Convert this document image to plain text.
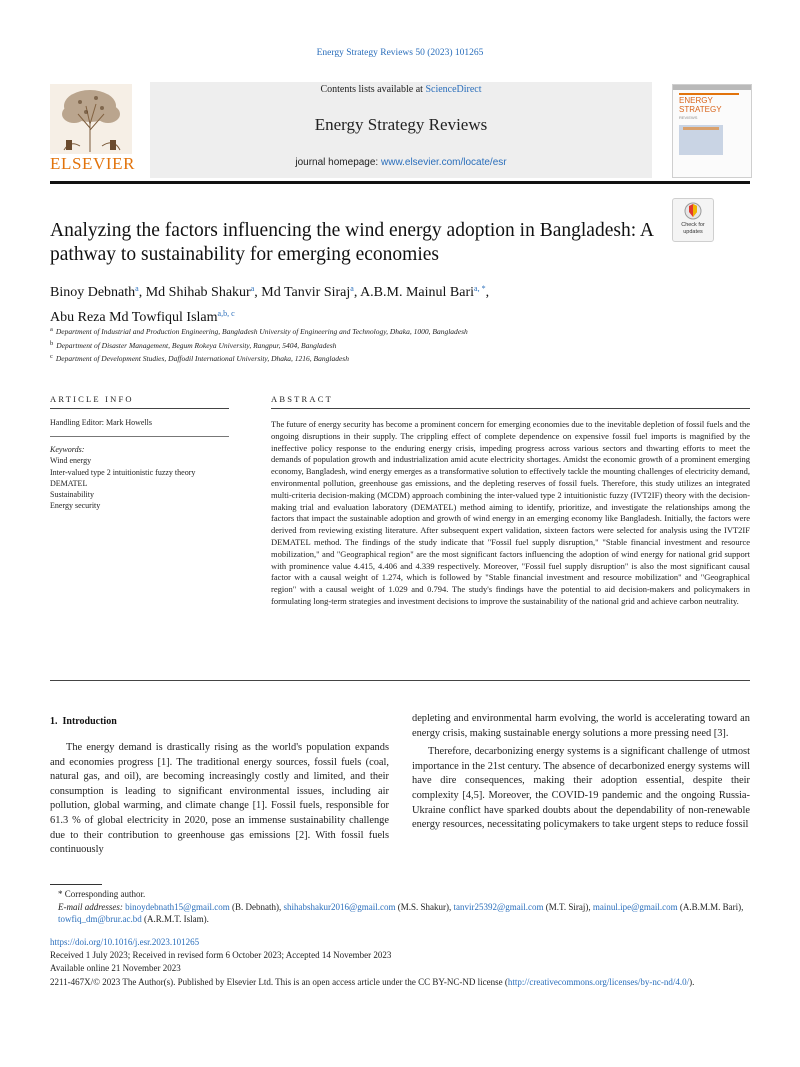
Energy Strategy Reviews 50 (2023) 101265
ELSEVIER
Contents lists available at ScienceDirect
Energy Strategy Reviews
journal homepage: www.elsevier.com/locate/esr
ENERGY
STRATEGY
REVIEWS
Analyzing the factors influencing the wind energy adoption in Bangladesh: A pathway to sustainability for emerging economies
Check for
updates
Binoy Debnath$^a$, Md Shihab Shakur$^a$, Md Tanvir Siraj$^a$, A.B.M. Mainul Bari$^{a, *}$,
Abu Reza Md Towfiqul Islam$^{a,b, c}$
a Department of Industrial and Production Engineering, Bangladesh University of Engineering and Technology, Dhaka, 1000, Bangladesh
b Department of Disaster Management, Begum Rokeya University, Rangpur, 5404, Bangladesh
c Department of Development Studies, Daffodil International University, Dhaka, 1216, Bangladesh
ARTICLE INFO	ABSTRACT
Handling Editor: Mark Howells
Keywords:
Wind energy
Inter-valued type 2 intuitionistic fuzzy theory
DEMATEL
Sustainability
Energy security
The future of energy security has become a prominent concern for emerging economies due to the inevitable depletion of fossil fuels and the ongoing disruptions in their supply. The crippling effect of complete dependence on expensive fossil fuel imports is magnified by the ineffective policy response to the enduring energy crisis, impeding progress across various sectors and thwarting efforts to meet the demands of population growth and industrialization amid acute electricity shortages. Amidst the economic growth of a prominent emerging economy, Bangladesh, wind energy emerges as a transformative solution to effectively tackle the mounting challenges of electricity demand, environmental pollution, greenhouse gas emissions, and the depleting reserves of fossil fuels. Therefore, this study utilizes an integrated multi-criteria decision-making (MCDM) approach combining the inter-valued type 2 intuitionistic fuzzy (IVT2IF) theory with the decision-making trial and evaluation laboratory (DEMATEL) method aiming to identify, prioritize, and investigate the relationships among the factors that impact the sustainable adoption and growth of wind energy in an emerging economy like Bangladesh. Initially, the factors were derived from reviewing existing literature. After subsequent expert validation, sixteen factors were selected for analysis using the IVT2IF DEMATEL method. The findings of the study indicate that "Fossil fuel supply disruption," "Stable financial investment and resource mobilization," and "Geographical region" are the most significant factors influencing the adoption of wind energy for national grid support with prominence value 4.415, 4.406 and 4.339 respectively. Moreover, "Fossil fuel supply disruption" is also the most significant causal factor with a causal weight of 1.274, which is followed by "Stable financial investment and resource mobilization" and "Geographical region" with a causal weight of 1.029 and 0.794. The study's findings have the potential to aid decision-makers and policymakers in formulating long-term strategies and investment decisions to improve the sustainability of the national grid and achieve carbon neutrality.
1. Introduction

The energy demand is drastically rising as the world's population expands and economies progress [1]. The traditional energy sources, fossil fuels (coal, natural gas, and oil), are becoming increasingly costly and limited, and their consumption is leading to significant environmental issues, including air pollution, global warming, and climate change [1]. Fossil fuels, responsible for 61.3 % of global electricity in 2020, pose an immense sustainability challenge due to their contribution to greenhouse gas emissions [2]. With fossil fuels continuously

depleting and environmental harm evolving, the world is accelerating toward an energy crisis, making sustainable energy solutions a more pressing need [3].

Therefore, decarbonizing energy systems is a significant challenge of utmost importance in the 21st century. The absence of decarbonized energy systems will have dire consequences, making their adoption essential, despite their complexity [4,5]. Moreover, the COVID-19 pandemic and the ongoing Russia-Ukraine conflict have sparked doubts about the dependability of non-renewable energy resources, necessitating policymakers to take urgent steps to reduce fossil

* Corresponding author.
E-mail addresses: binoydebnath15@gmail.com (B. Debnath), shihabshakur2016@gmail.com (M.S. Shakur), tanvir25392@gmail.com (M.T. Siraj), mainul.ipe@gmail.com (A.B.M.M. Bari), towfiq_dm@brur.ac.bd (A.R.M.T. Islam).
https://doi.org/10.1016/j.esr.2023.101265
Received 1 July 2023; Received in revised form 6 October 2023; Accepted 14 November 2023
Available online 21 November 2023
2211-467X/© 2023 The Author(s). Published by Elsevier Ltd. This is an open access article under the CC BY-NC-ND license (http://creativecommons.org/licenses/by-nc-nd/4.0/).
